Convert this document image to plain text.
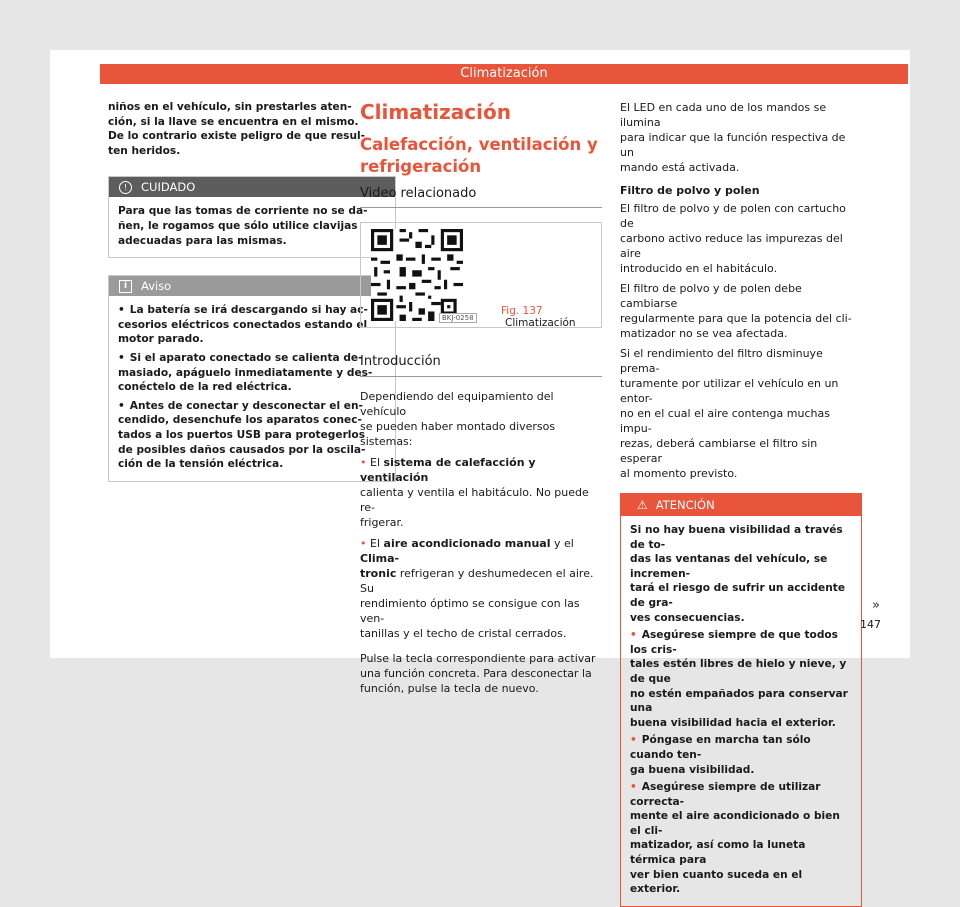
Climatización

niños en el vehículo, sin prestarles aten-
ción, si la llave se encuentra en el mismo.
De lo contrario existe peligro de que resul-
ten heridos.

!	CUIDADO

Para que las tomas de corriente no se da-
ñen, le rogamos que sólo utilice clavijas
adecuadas para las mismas.

i	Aviso

• La batería se irá descargando si hay ac-
cesorios eléctricos conectados estando el
motor parado.

• Si el aparato conectado se calienta de-
masiado, apáguelo inmediatamente y des-
conéctelo de la red eléctrica.

• Antes de conectar y desconectar el en-
cendido, desenchufe los aparatos conec-
tados a los puertos USB para protegerlos
de posibles daños causados por la oscila-
ción de la tensión eléctrica.

Climatización
Calefacción, ventilación y
refrigeración
Video relacionado
BKJ-0258
Fig. 137 Climatización
Introducción

Dependiendo del equipamiento del vehículo
se pueden haber montado diversos sistemas:

• El sistema de calefacción y ventilación
calienta y ventila el habitáculo. No puede re-
frigerar.

• El aire acondicionado manual y el Clima-
tronic refrigeran y deshumedecen el aire. Su
rendimiento óptimo se consigue con las ven-
tanillas y el techo de cristal cerrados.

Pulse la tecla correspondiente para activar
una función concreta. Para desconectar la
función, pulse la tecla de nuevo.

El LED en cada uno de los mandos se ilumina
para indicar que la función respectiva de un
mando está activada.

Filtro de polvo y polen

El filtro de polvo y de polen con cartucho de
carbono activo reduce las impurezas del aire
introducido en el habitáculo.

El filtro de polvo y de polen debe cambiarse
regularmente para que la potencia del cli-
matizador no se vea afectada.

Si el rendimiento del filtro disminuye prema-
turamente por utilizar el vehículo en un entor-
no en el cual el aire contenga muchas impu-
rezas, deberá cambiarse el filtro sin esperar
al momento previsto.

⚠ ATENCIÓN

Si no hay buena visibilidad a través de to-
das las ventanas del vehículo, se incremen-
tará el riesgo de sufrir un accidente de gra-
ves consecuencias.

• Asegúrese siempre de que todos los cris-
tales estén libres de hielo y nieve, y de que
no estén empañados para conservar una
buena visibilidad hacia el exterior.

• Póngase en marcha tan sólo cuando ten-
ga buena visibilidad.

• Asegúrese siempre de utilizar correcta-
mente el aire acondicionado o bien el cli-
matizador, así como la luneta térmica para
ver bien cuanto suceda en el exterior.

»
147
